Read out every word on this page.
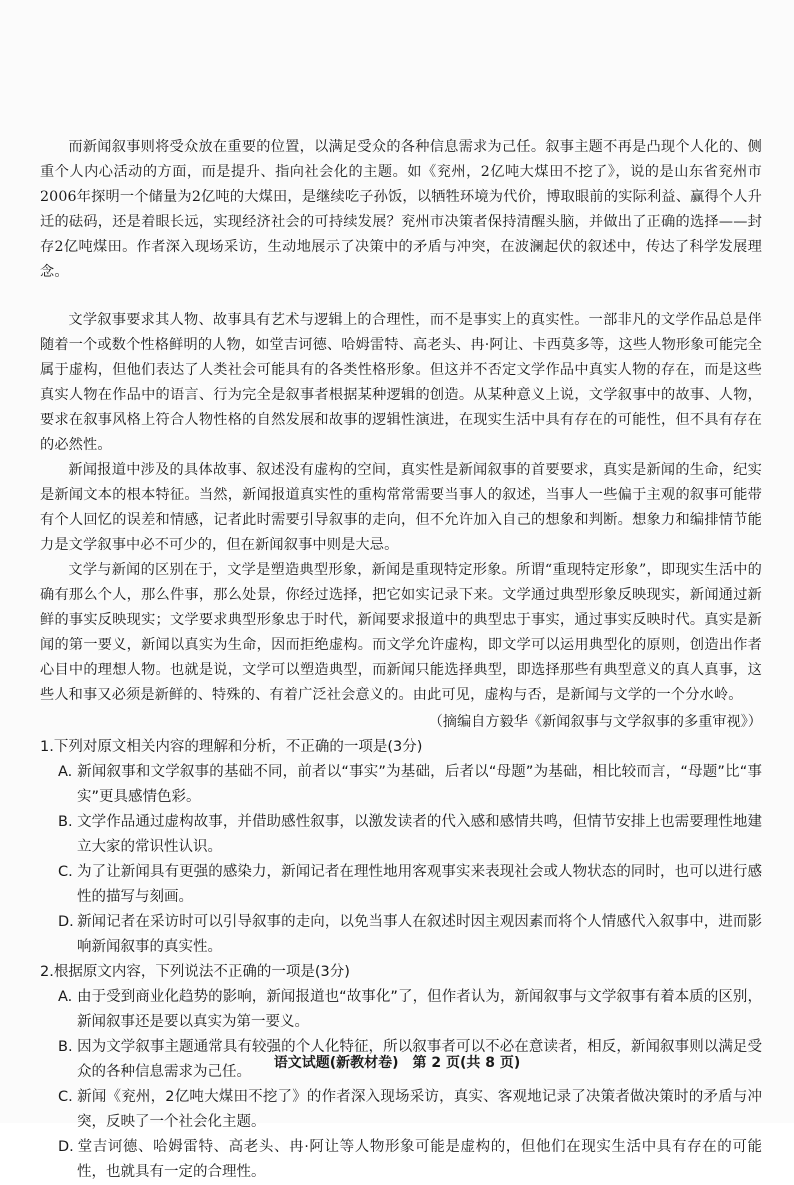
而新闻叙事则将受众放在重要的位置，以满足受众的各种信息需求为己任。叙事主题不再是凸现个人化的、侧重个人内心活动的方面，而是提升、指向社会化的主题。如《兖州，2亿吨大煤田不挖了》，说的是山东省兖州市2006年探明一个储量为2亿吨的大煤田，是继续吃子孙饭，以牺牲环境为代价，博取眼前的实际利益、赢得个人升迁的砝码，还是着眼长远，实现经济社会的可持续发展？兖州市决策者保持清醒头脑，并做出了正确的选择——封存2亿吨煤田。作者深入现场采访，生动地展示了决策中的矛盾与冲突，在波澜起伏的叙述中，传达了科学发展理念。

文学叙事要求其人物、故事具有艺术与逻辑上的合理性，而不是事实上的真实性。一部非凡的文学作品总是伴随着一个或数个性格鲜明的人物，如堂吉诃德、哈姆雷特、高老头、冉·阿让、卡西莫多等，这些人物形象可能完全属于虚构，但他们表达了人类社会可能具有的各类性格形象。但这并不否定文学作品中真实人物的存在，而是这些真实人物在作品中的语言、行为完全是叙事者根据某种逻辑的创造。从某种意义上说，文学叙事中的故事、人物，要求在叙事风格上符合人物性格的自然发展和故事的逻辑性演进，在现实生活中具有存在的可能性，但不具有存在的必然性。

新闻报道中涉及的具体故事、叙述没有虚构的空间，真实性是新闻叙事的首要要求，真实是新闻的生命，纪实是新闻文本的根本特征。当然，新闻报道真实性的重构常常需要当事人的叙述，当事人一些偏于主观的叙事可能带有个人回忆的误差和情感，记者此时需要引导叙事的走向，但不允许加入自己的想象和判断。想象力和编排情节能力是文学叙事中必不可少的，但在新闻叙事中则是大忌。

文学与新闻的区别在于，文学是塑造典型形象，新闻是重现特定形象。所谓“重现特定形象”，即现实生活中的确有那么个人，那么件事，那么处景，你经过选择，把它如实记录下来。文学通过典型形象反映现实，新闻通过新鲜的事实反映现实；文学要求典型形象忠于时代，新闻要求报道中的典型忠于事实，通过事实反映时代。真实是新闻的第一要义，新闻以真实为生命，因而拒绝虚构。而文学允许虚构，即文学可以运用典型化的原则，创造出作者心目中的理想人物。也就是说，文学可以塑造典型，而新闻只能选择典型，即选择那些有典型意义的真人真事，这些人和事又必须是新鲜的、特殊的、有着广泛社会意义的。由此可见，虚构与否，是新闻与文学的一个分水岭。

（摘编自方毅华《新闻叙事与文学叙事的多重审视》）

1.下列对原文相关内容的理解和分析，不正确的一项是(3分)

A. 新闻叙事和文学叙事的基础不同，前者以“事实”为基础，后者以“母题”为基础，相比较而言，“母题”比“事实”更具感情色彩。

B. 文学作品通过虚构故事，并借助感性叙事，以激发读者的代入感和感情共鸣，但情节安排上也需要理性地建立大家的常识性认识。

C. 为了让新闻具有更强的感染力，新闻记者在理性地用客观事实来表现社会或人物状态的同时，也可以进行感性的描写与刻画。

D. 新闻记者在采访时可以引导叙事的走向，以免当事人在叙述时因主观因素而将个人情感代入叙事中，进而影响新闻叙事的真实性。

2.根据原文内容，下列说法不正确的一项是(3分)

A. 由于受到商业化趋势的影响，新闻报道也“故事化”了，但作者认为，新闻叙事与文学叙事有着本质的区别，新闻叙事还是要以真实为第一要义。

B. 因为文学叙事主题通常具有较强的个人化特征，所以叙事者可以不必在意读者，相反，新闻叙事则以满足受众的各种信息需求为己任。

C. 新闻《兖州，2亿吨大煤田不挖了》的作者深入现场采访，真实、客观地记录了决策者做决策时的矛盾与冲突，反映了一个社会化主题。

D. 堂吉诃德、哈姆雷特、高老头、冉·阿让等人物形象可能是虚构的，但他们在现实生活中具有存在的可能性，也就具有一定的合理性。

语文试题(新教材卷)　第 2 页(共 8 页)
